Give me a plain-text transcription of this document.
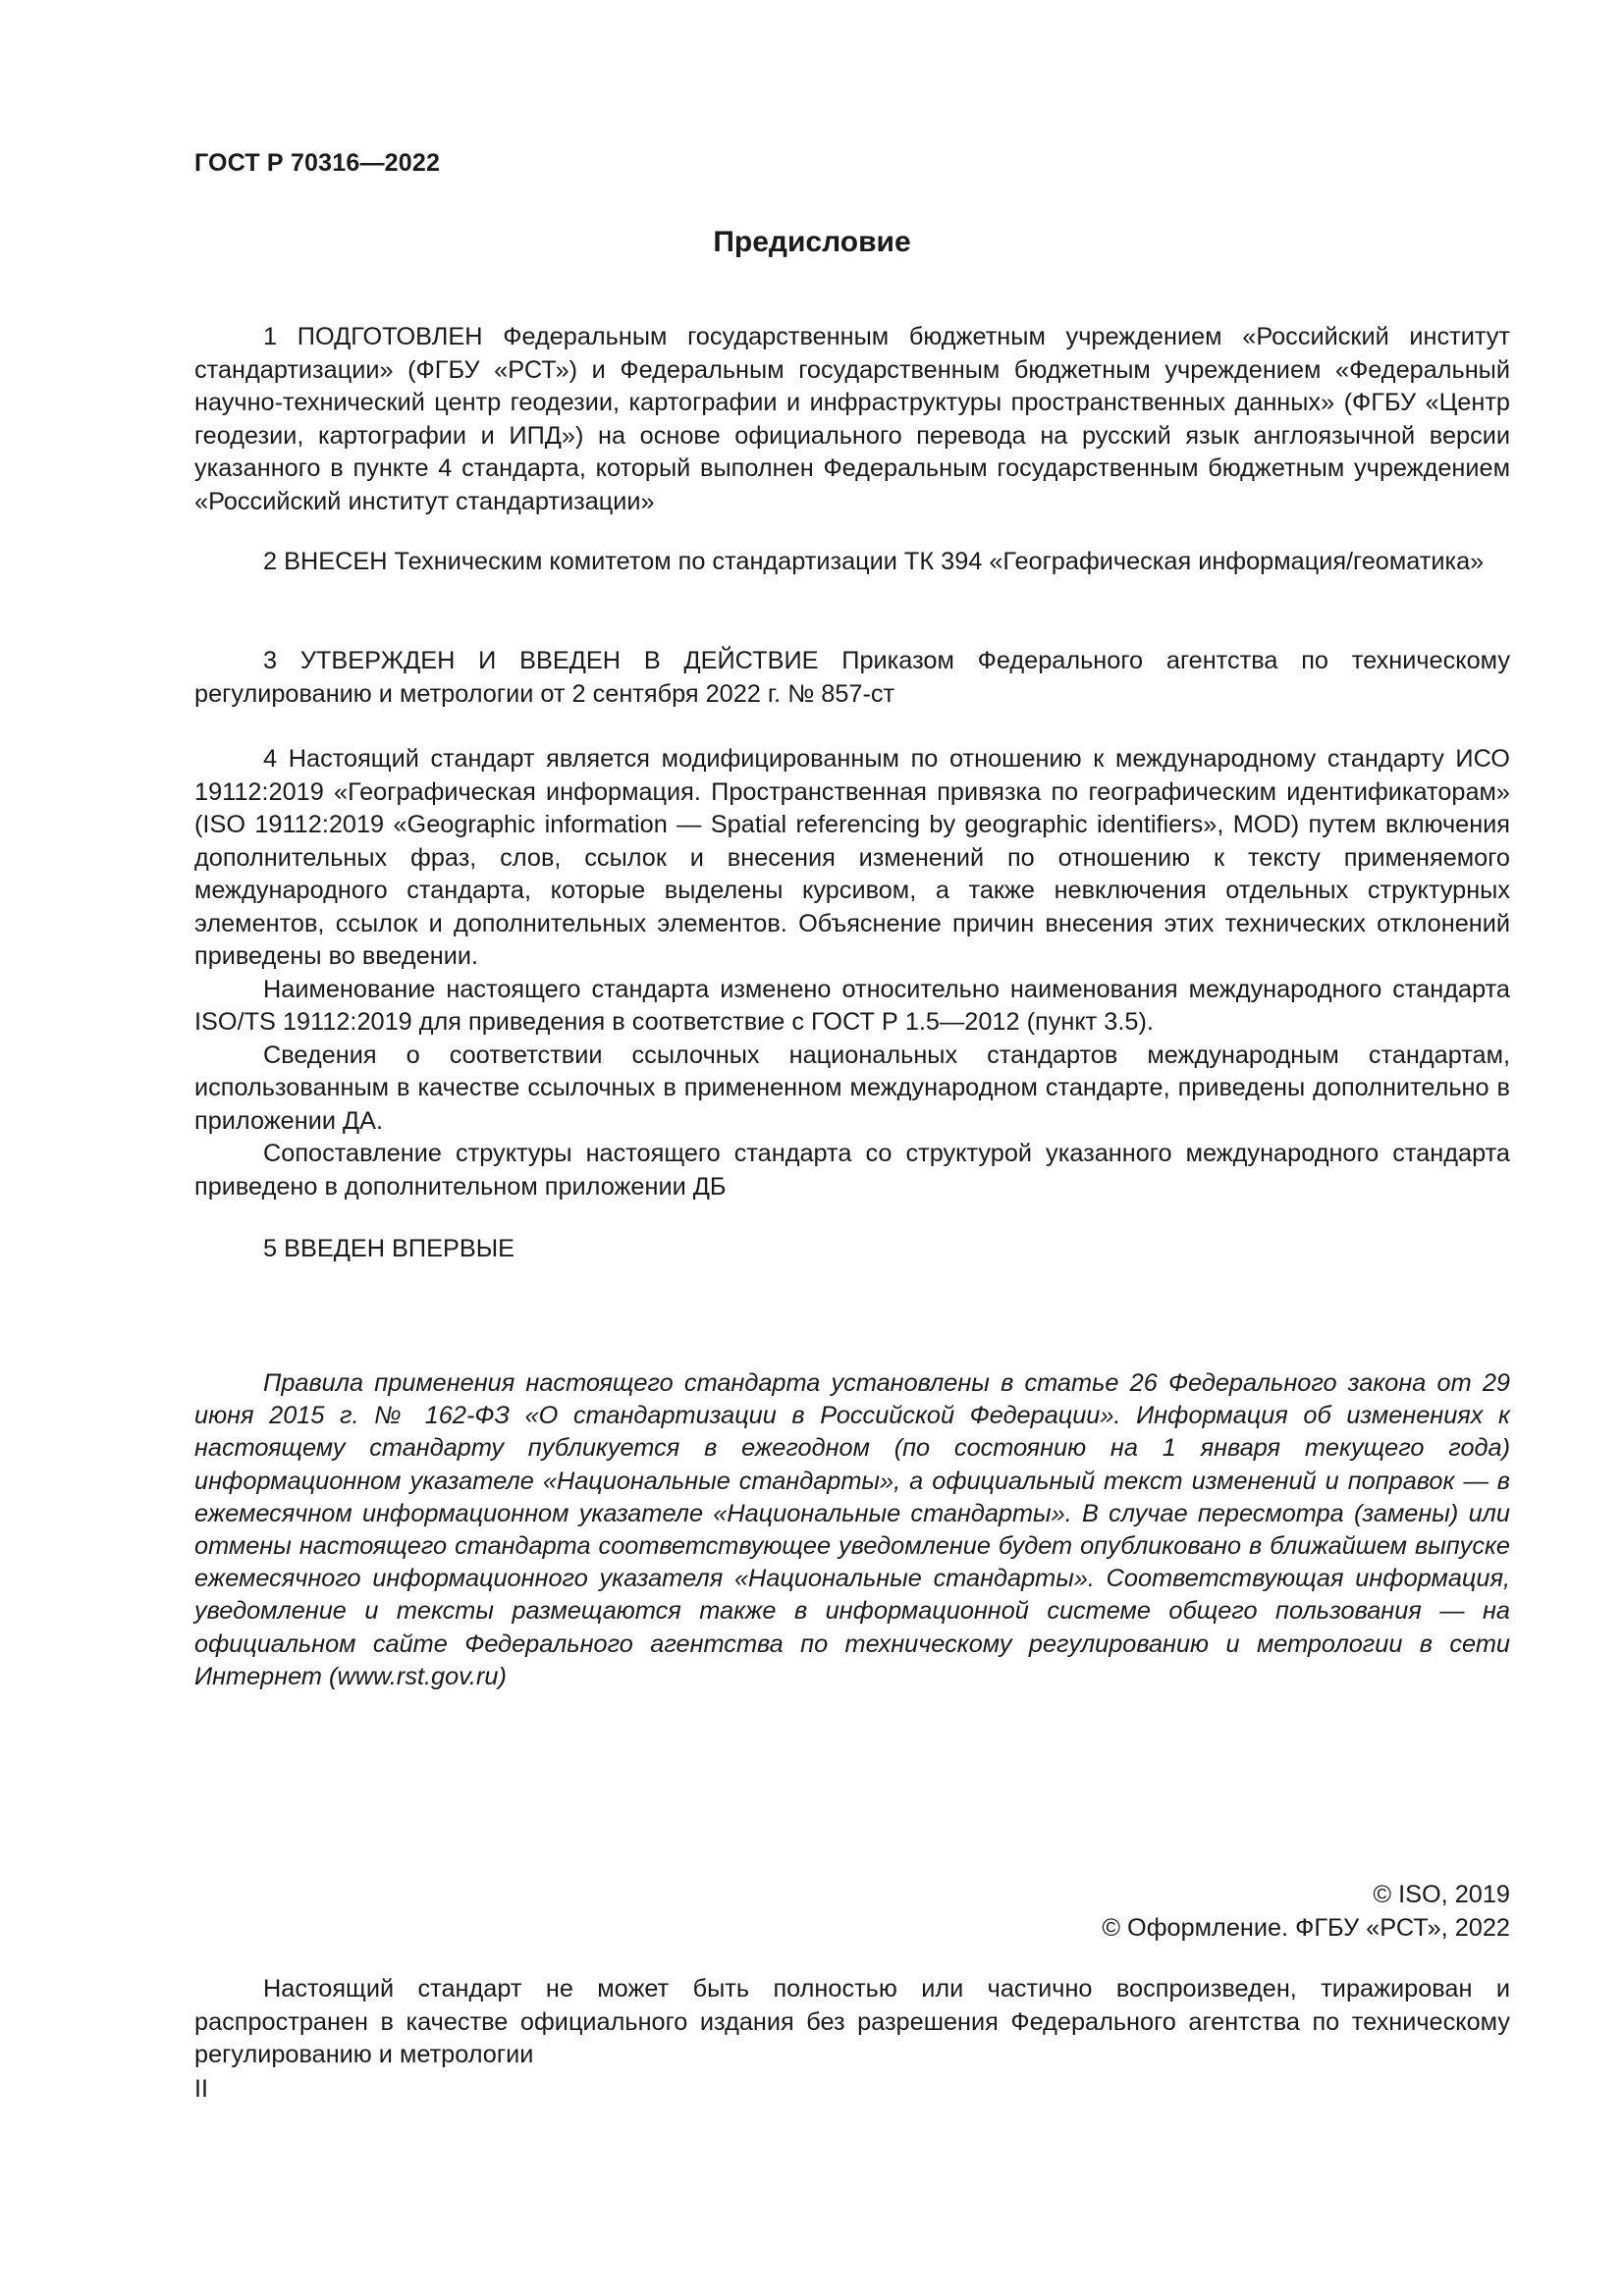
ГОСТ Р 70316—2022
Предисловие

1 ПОДГОТОВЛЕН Федеральным государственным бюджетным учреждением «Российский институт стандартизации» (ФГБУ «РСТ») и Федеральным государственным бюджетным учреждением «Федеральный научно-технический центр геодезии, картографии и инфраструктуры пространственных данных» (ФГБУ «Центр геодезии, картографии и ИПД») на основе официального перевода на русский язык англоязычной версии указанного в пункте 4 стандарта, который выполнен Федеральным государственным бюджетным учреждением «Российский институт стандартизации»

2 ВНЕСЕН Техническим комитетом по стандартизации ТК 394 «Географическая информация/геоматика»

3 УТВЕРЖДЕН И ВВЕДЕН В ДЕЙСТВИЕ Приказом Федерального агентства по техническому регулированию и метрологии от 2 сентября 2022 г. № 857-ст

4 Настоящий стандарт является модифицированным по отношению к международному стандарту ИСО 19112:2019 «Географическая информация. Пространственная привязка по географическим идентификаторам» (ISO 19112:2019 «Geographic information — Spatial referencing by geographic identifiers», MOD) путем включения дополнительных фраз, слов, ссылок и внесения изменений по отношению к тексту применяемого международного стандарта, которые выделены курсивом, а также невключения отдельных структурных элементов, ссылок и дополнительных элементов. Объяснение причин внесения этих технических отклонений приведены во введении.

Наименование настоящего стандарта изменено относительно наименования международного стандарта ISO/TS 19112:2019 для приведения в соответствие с ГОСТ Р 1.5—2012 (пункт 3.5).

Сведения о соответствии ссылочных национальных стандартов международным стандартам, использованным в качестве ссылочных в примененном международном стандарте, приведены дополнительно в приложении ДА.

Сопоставление структуры настоящего стандарта со структурой указанного международного стандарта приведено в дополнительном приложении ДБ

5 ВВЕДЕН ВПЕРВЫЕ

Правила применения настоящего стандарта установлены в статье 26 Федерального закона от 29 июня 2015 г. № 162-ФЗ «О стандартизации в Российской Федерации». Информация об изменениях к настоящему стандарту публикуется в ежегодном (по состоянию на 1 января текущего года) информационном указателе «Национальные стандарты», а официальный текст изменений и поправок — в ежемесячном информационном указателе «Национальные стандарты». В случае пересмотра (замены) или отмены настоящего стандарта соответствующее уведомление будет опубликовано в ближайшем выпуске ежемесячного информационного указателя «Национальные стандарты». Соответствующая информация, уведомление и тексты размещаются также в информационной системе общего пользования — на официальном сайте Федерального агентства по техническому регулированию и метрологии в сети Интернет (www.rst.gov.ru)

© ISO, 2019
© Оформление. ФГБУ «РСТ», 2022

Настоящий стандарт не может быть полностью или частично воспроизведен, тиражирован и распространен в качестве официального издания без разрешения Федерального агентства по техническому регулированию и метрологии

II
